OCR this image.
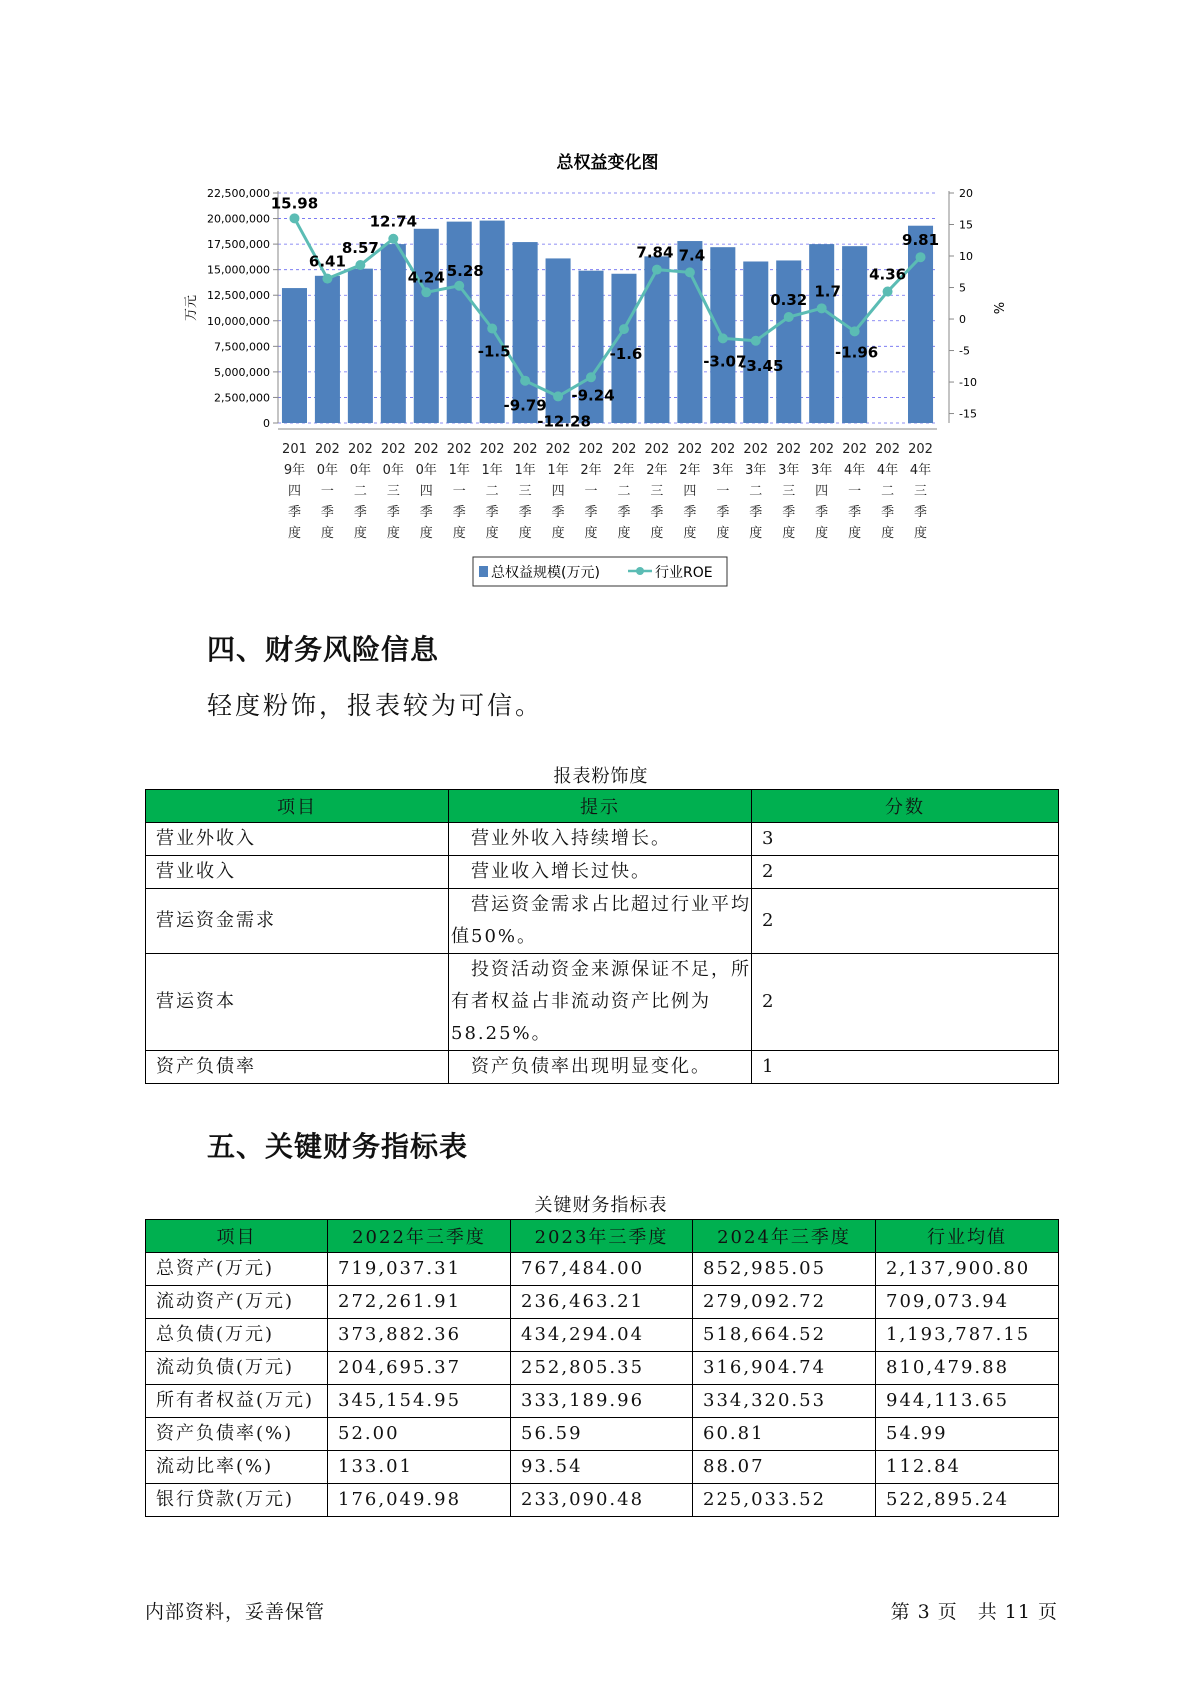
总权益变化图
0
2,500,000
5,000,000
7,500,000
10,000,000
12,500,000
15,000,000
17,500,000
20,000,000
22,500,000
-15
-10
-5
0
5
10
15
20
万元	%
15.98
6.41
8.57
12.74
4.24 5.28
-1.5
-9.79
-12.28
-9.24
-1.6
7.84 7.4
-3.07
-3.45
0.32 1.7
-1.96
4.36
9.81
201 9年四季度
202 0年一季度
202 0年二季度
202 0年三季度
202 0年四季度
202 1年一季度
202 1年二季度
202 1年三季度
202 1年四季度
202 2年一季度
202 2年二季度
202 2年三季度
202 2年四季度
202 3年一季度
202 3年二季度
202 3年三季度
202 3年四季度
202 4年一季度
202 4年二季度
202 4年三季度
总权益规模(万元)	行业ROE
四、财务风险信息

轻度粉饰，报表较为可信。

报表粉饰度
项目	提示	分数
营业外收入	　营业外收入持续增长。	3
营业收入	　营业收入增长过快。	2
营运资金需求	　营运资金需求占比超过行业平均值50%。	2
营运资本	　投资活动资金来源保证不足，所有者权益占非流动资产比例为58.25%。	2
资产负债率	　资产负债率出现明显变化。	1
五、关键财务指标表
关键财务指标表
项目	2022年三季度	2023年三季度	2024年三季度	行业均值
总资产(万元)	719,037.31	767,484.00	852,985.05	2,137,900.80
流动资产(万元)	272,261.91	236,463.21	279,092.72	709,073.94
总负债(万元)	373,882.36	434,294.04	518,664.52	1,193,787.15
流动负债(万元)	204,695.37	252,805.35	316,904.74	810,479.88
所有者权益(万元)	345,154.95	333,189.96	334,320.53	944,113.65
资产负债率(%)	52.00	56.59	60.81	54.99
流动比率(%)	133.01	93.54	88.07	112.84
银行贷款(万元)	176,049.98	233,090.48	225,033.52	522,895.24
内部资料，妥善保管	第 3 页　共 11 页
